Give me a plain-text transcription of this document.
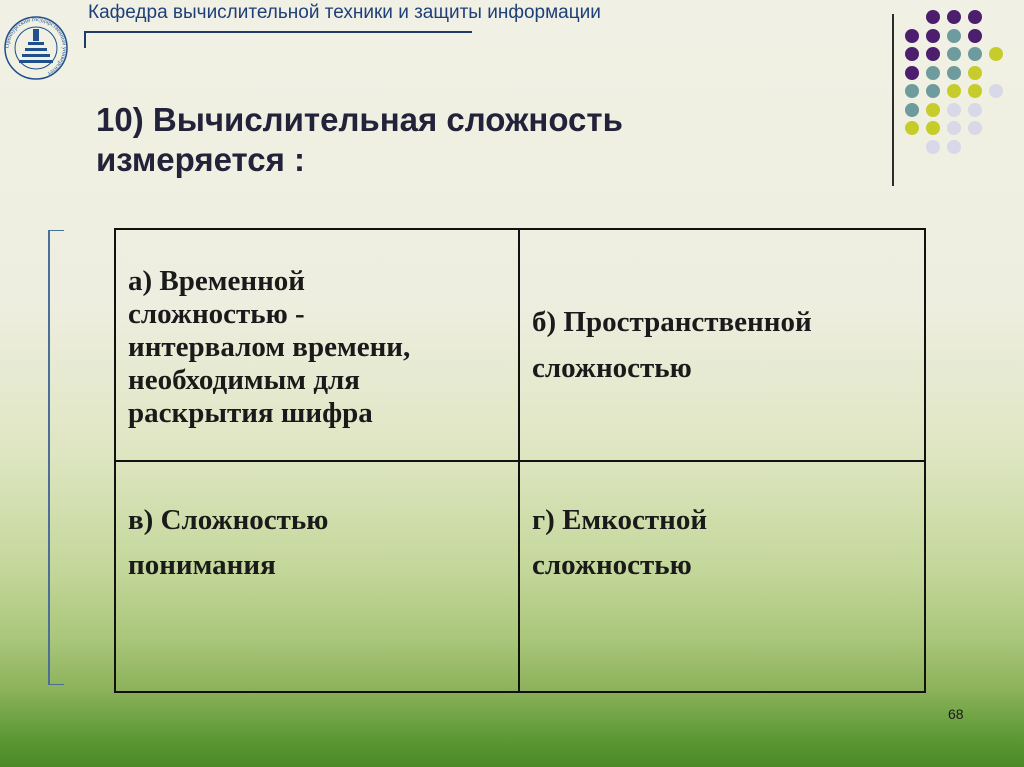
Оренбургский государственный университет
Кафедра вычислительной техники и защиты информации
10) Вычислительная сложность
измеряется :
а) Временной
сложностью -
интервалом времени,
необходимым для
раскрытия шифра
б) Пространственной
сложностью
в) Сложностью
понимания
г) Емкостной
сложностью
68
